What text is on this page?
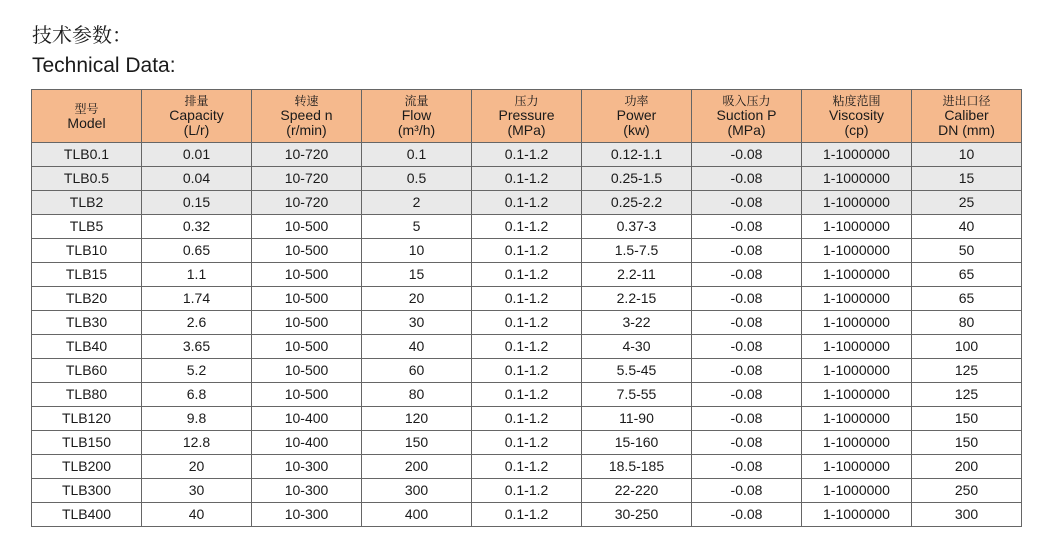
技术参数：
Technical Data:
型号
Model	排量
Capacity
(L/r)	转速
Speed n
(r/min)	流量
Flow
(m³/h)	压力
Pressure
(MPa)	功率
Power
(kw)	吸入压力
Suction P
(MPa)	粘度范围
Viscosity
(cp)	进出口径
Caliber
DN (mm)

TLB0.1	0.01	10-720	0.1	0.1-1.2	0.12-1.1	-0.08	1-1000000	10
TLB0.5	0.04	10-720	0.5	0.1-1.2	0.25-1.5	-0.08	1-1000000	15
TLB2	0.15	10-720	2	0.1-1.2	0.25-2.2	-0.08	1-1000000	25
TLB5	0.32	10-500	5	0.1-1.2	0.37-3	-0.08	1-1000000	40
TLB10	0.65	10-500	10	0.1-1.2	1.5-7.5	-0.08	1-1000000	50
TLB15	1.1	10-500	15	0.1-1.2	2.2-11	-0.08	1-1000000	65
TLB20	1.74	10-500	20	0.1-1.2	2.2-15	-0.08	1-1000000	65
TLB30	2.6	10-500	30	0.1-1.2	3-22	-0.08	1-1000000	80
TLB40	3.65	10-500	40	0.1-1.2	4-30	-0.08	1-1000000	100
TLB60	5.2	10-500	60	0.1-1.2	5.5-45	-0.08	1-1000000	125
TLB80	6.8	10-500	80	0.1-1.2	7.5-55	-0.08	1-1000000	125
TLB120	9.8	10-400	120	0.1-1.2	11-90	-0.08	1-1000000	150
TLB150	12.8	10-400	150	0.1-1.2	15-160	-0.08	1-1000000	150
TLB200	20	10-300	200	0.1-1.2	18.5-185	-0.08	1-1000000	200
TLB300	30	10-300	300	0.1-1.2	22-220	-0.08	1-1000000	250
TLB400	40	10-300	400	0.1-1.2	30-250	-0.08	1-1000000	300
